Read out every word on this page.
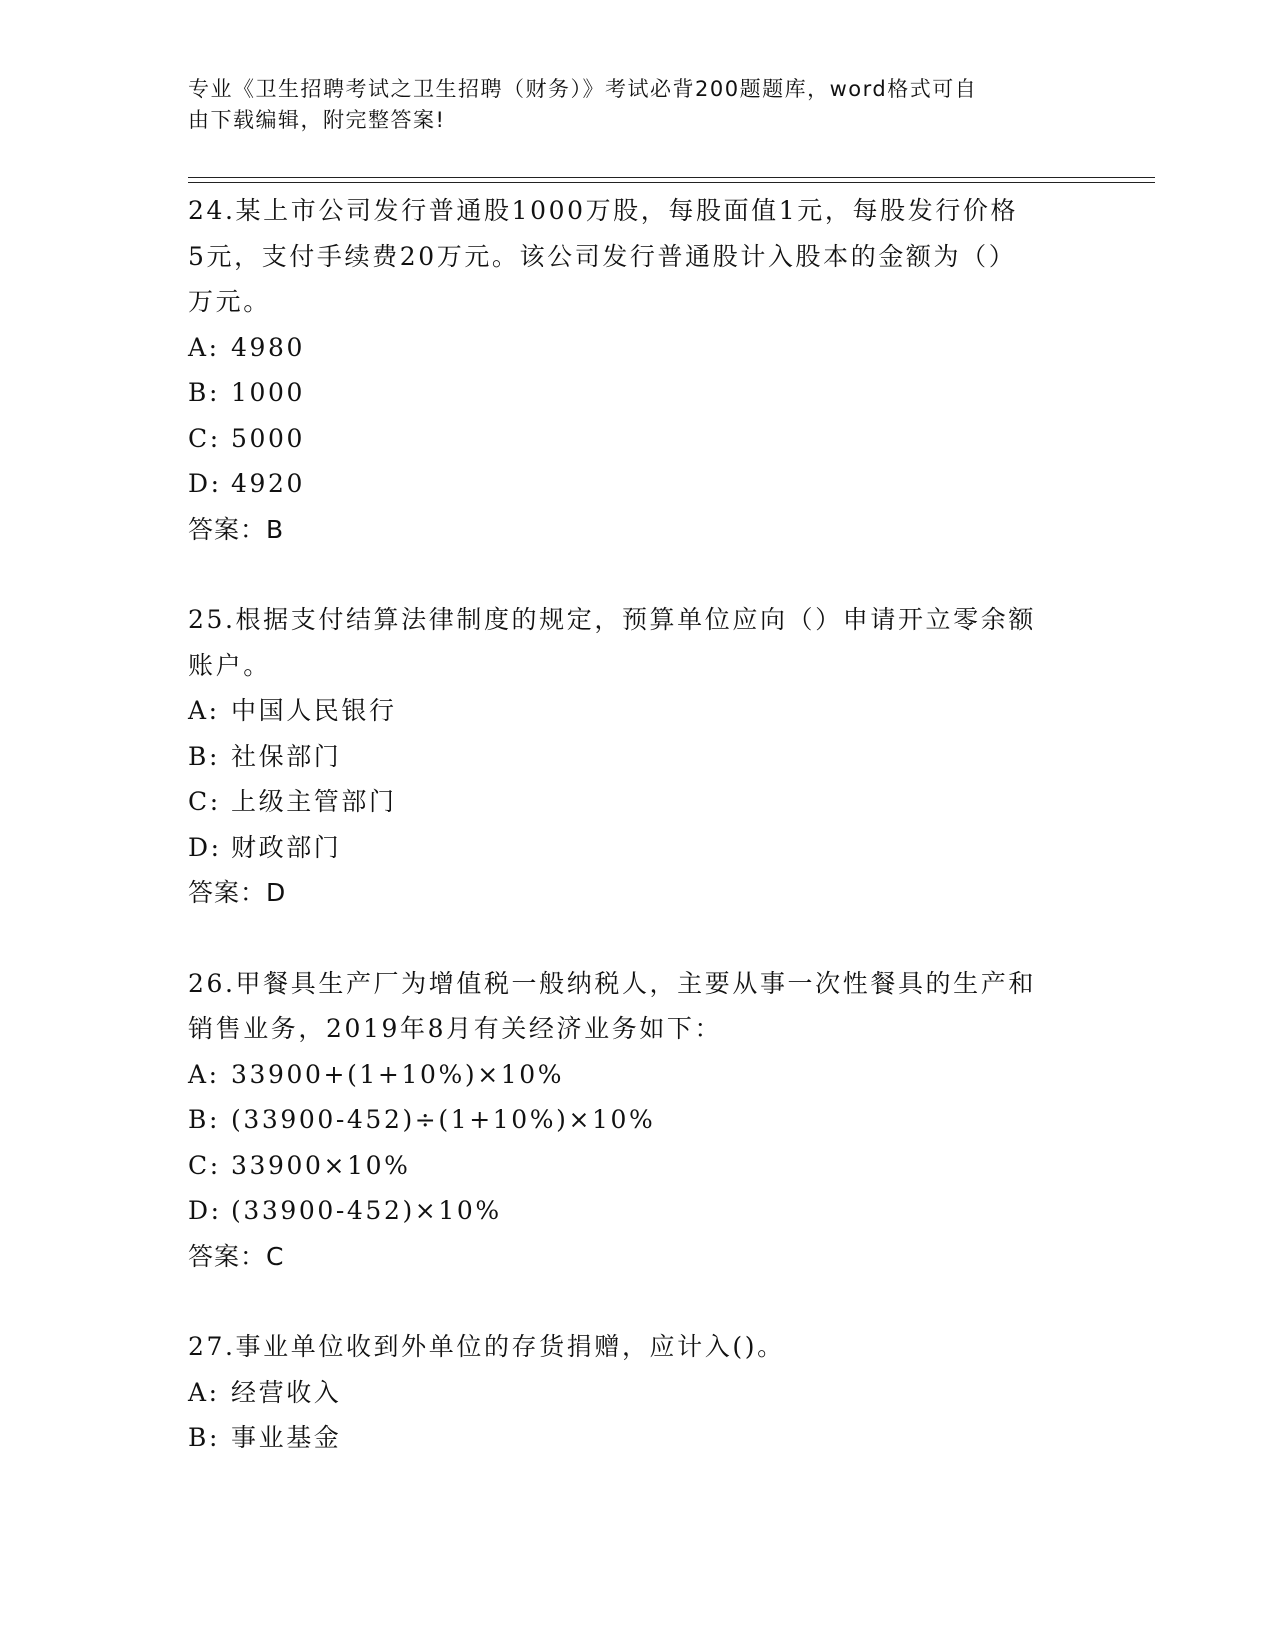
专业《卫生招聘考试之卫生招聘（财务）》考试必背200题题库，word格式可自
由下载编辑，附完整答案!
24.某上市公司发行普通股1000万股，每股面值1元，每股发行价格
5元，支付手续费20万元。该公司发行普通股计入股本的金额为（）
万元。
A: 4980
B: 1000
C: 5000
D: 4920
答案：B
25.根据支付结算法律制度的规定，预算单位应向（）申请开立零余额
账户。
A: 中国人民银行
B: 社保部门
C: 上级主管部门
D: 财政部门
答案：D
26.甲餐具生产厂为增值税一般纳税人，主要从事一次性餐具的生产和
销售业务，2019年8月有关经济业务如下：
A: 33900+(1+10%)×10%
B: (33900-452)÷(1+10%)×10%
C: 33900×10%
D: (33900-452)×10%
答案：C
27.事业单位收到外单位的存货捐赠，应计入()。
A: 经营收入
B: 事业基金
